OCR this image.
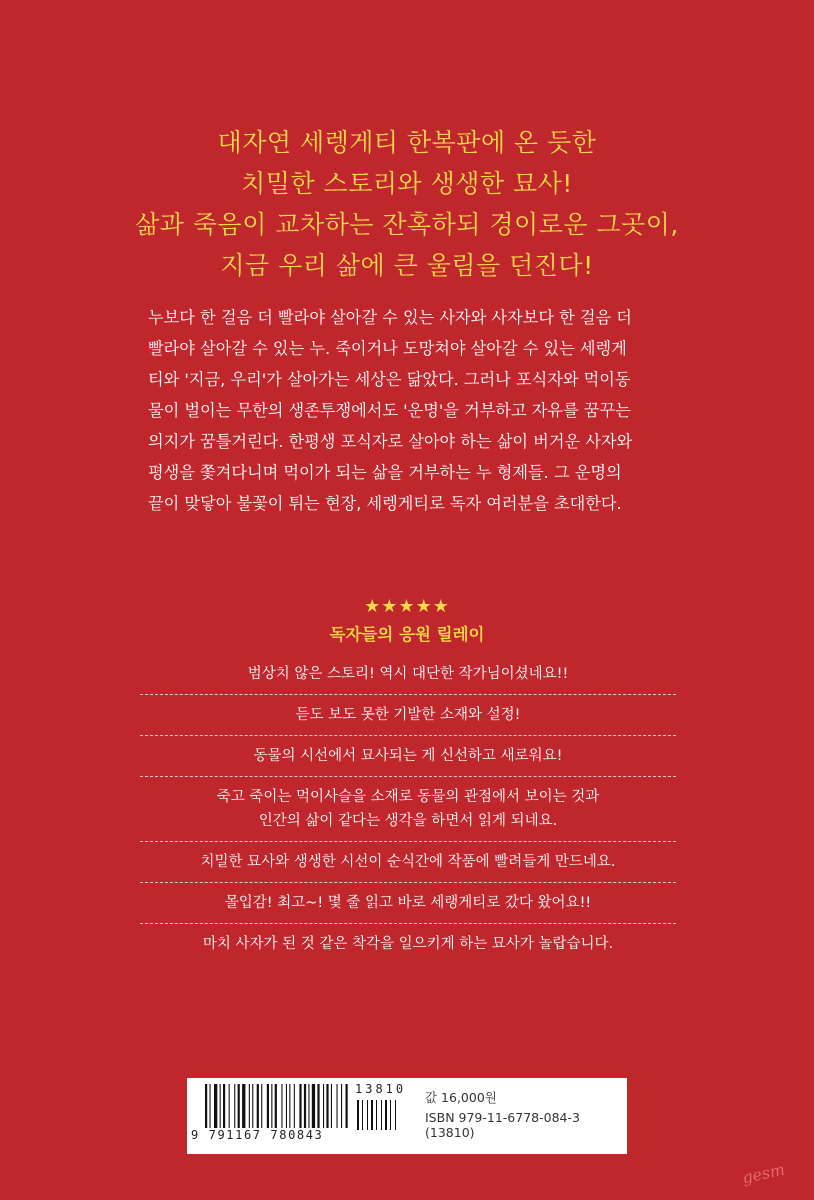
대자연 세렝게티 한복판에 온 듯한
치밀한 스토리와 생생한 묘사!
삶과 죽음이 교차하는 잔혹하되 경이로운 그곳이,
지금 우리 삶에 큰 울림을 던진다!
누보다 한 걸음 더 빨라야 살아갈 수 있는 사자와 사자보다 한 걸음 더
빨라야 살아갈 수 있는 누. 죽이거나 도망쳐야 살아갈 수 있는 세렝게
티와 '지금, 우리'가 살아가는 세상은 닮았다. 그러나 포식자와 먹이동
물이 벌이는 무한의 생존투쟁에서도 '운명'을 거부하고 자유를 꿈꾸는
의지가 꿈틀거린다. 한평생 포식자로 살아야 하는 삶이 버거운 사자와
평생을 쫓겨다니며 먹이가 되는 삶을 거부하는 누 형제들. 그 운명의
끝이 맞닿아 불꽃이 튀는 현장, 세렝게티로 독자 여러분을 초대한다.
★★★★★
독자들의 응원 릴레이
범상치 않은 스토리! 역시 대단한 작가님이셨네요!!
듣도 보도 못한 기발한 소재와 설정!
동물의 시선에서 묘사되는 게 신선하고 새로워요!
죽고 죽이는 먹이사슬을 소재로 동물의 관점에서 보이는 것과
인간의 삶이 같다는 생각을 하면서 읽게 되네요.
치밀한 묘사와 생생한 시선이 순식간에 작품에 빨려들게 만드네요.
몰입감! 최고~! 몇 줄 읽고 바로 세랭게티로 갔다 왔어요!!
마치 사자가 된 것 같은 착각을 일으키게 하는 묘사가 놀랍습니다.
9 791167 780843
13810
값 16,000원
ISBN 979-11-6778-084-3 (13810)
gesm
